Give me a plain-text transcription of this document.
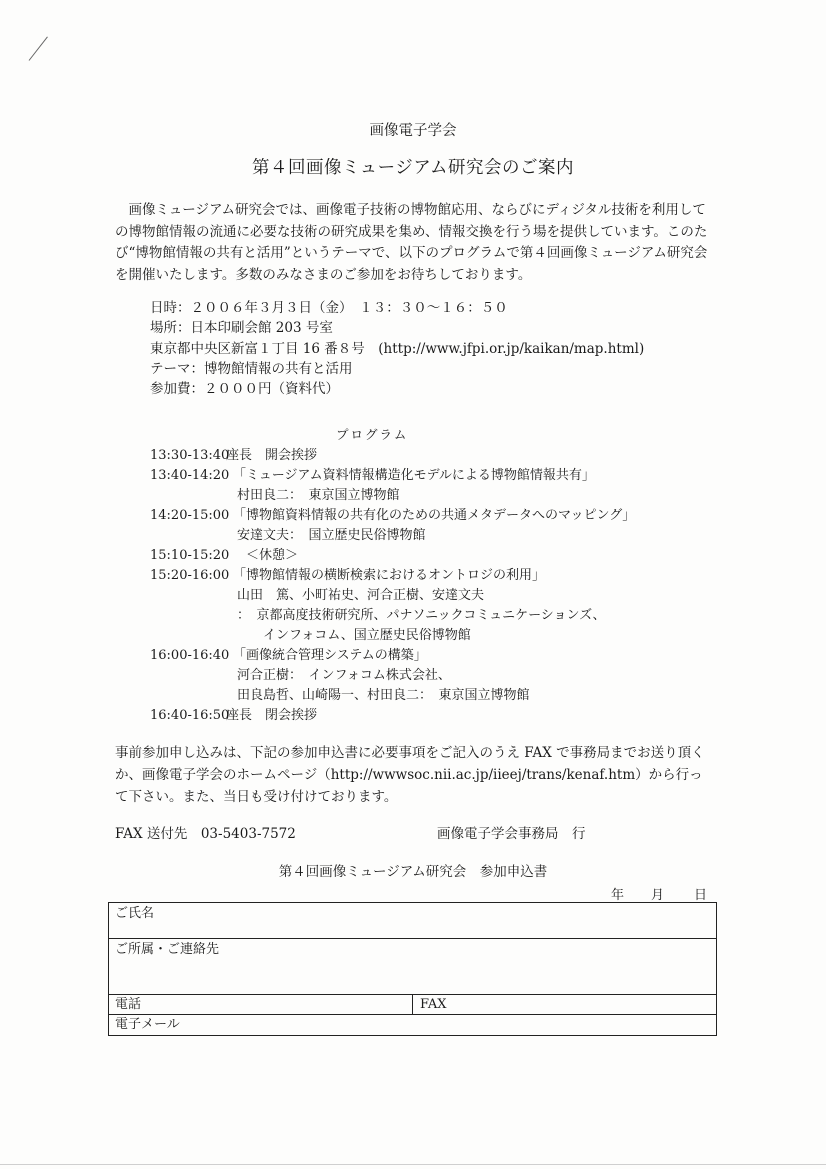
画像電子学会
第４回画像ミュージアム研究会のご案内

画像ミュージアム研究会では、画像電子技術の博物館応用、ならびにディジタル技術を利用しての博物館情報の流通に必要な技術の研究成果を集め、情報交換を行う場を提供しています。このたび“博物館情報の共有と活用”というテーマで、以下のプログラムで第４回画像ミュージアム研究会を開催いたします。多数のみなさまのご参加をお待ちしております。

日時：２００６年３月３日（金）　１３：３０～１６：５０
場所：日本印刷会館 203 号室
東京都中央区新富１丁目 16 番８号　(http://www.jfpi.or.jp/kaikan/map.html)
テーマ：博物館情報の共有と活用
参加費：２０００円（資料代）
プログラム
13:30-13:40
座長　開会挨拶
13:40-14:20 「ミュージアム資料情報構造化モデルによる博物館情報共有」
村田良二：　東京国立博物館
14:20-15:00 「博物館資料情報の共有化のための共通メタデータへのマッピング」
安達文夫：　国立歴史民俗博物館
15:10-15:20 　＜休憩＞
15:20-16:00 「博物館情報の横断検索におけるオントロジの利用」
山田　篤、小町祐史、河合正樹、安達文夫
：　京都高度技術研究所、パナソニックコミュニケーションズ、
　　インフォコム、国立歴史民俗博物館
16:00-16:40 「画像統合管理システムの構築」
河合正樹：　インフォコム株式会社、
田良島哲、山崎陽一、村田良二：　東京国立博物館
16:40-16:50
座長　閉会挨拶

事前参加申し込みは、下記の参加申込書に必要事項をご記入のうえ FAX で事務局までお送り頂くか、画像電子学会のホームページ（http://wwwsoc.nii.ac.jp/iieej/trans/kenaf.htm）から行って下さい。また、当日も受け付けております。

FAX 送付先　03-5403-7572	画像電子学会事務局　行
第４回画像ミュージアム研究会　参加申込書
年 月 日
ご氏名
ご所属・ご連絡先
電話	FAX
電子メール
